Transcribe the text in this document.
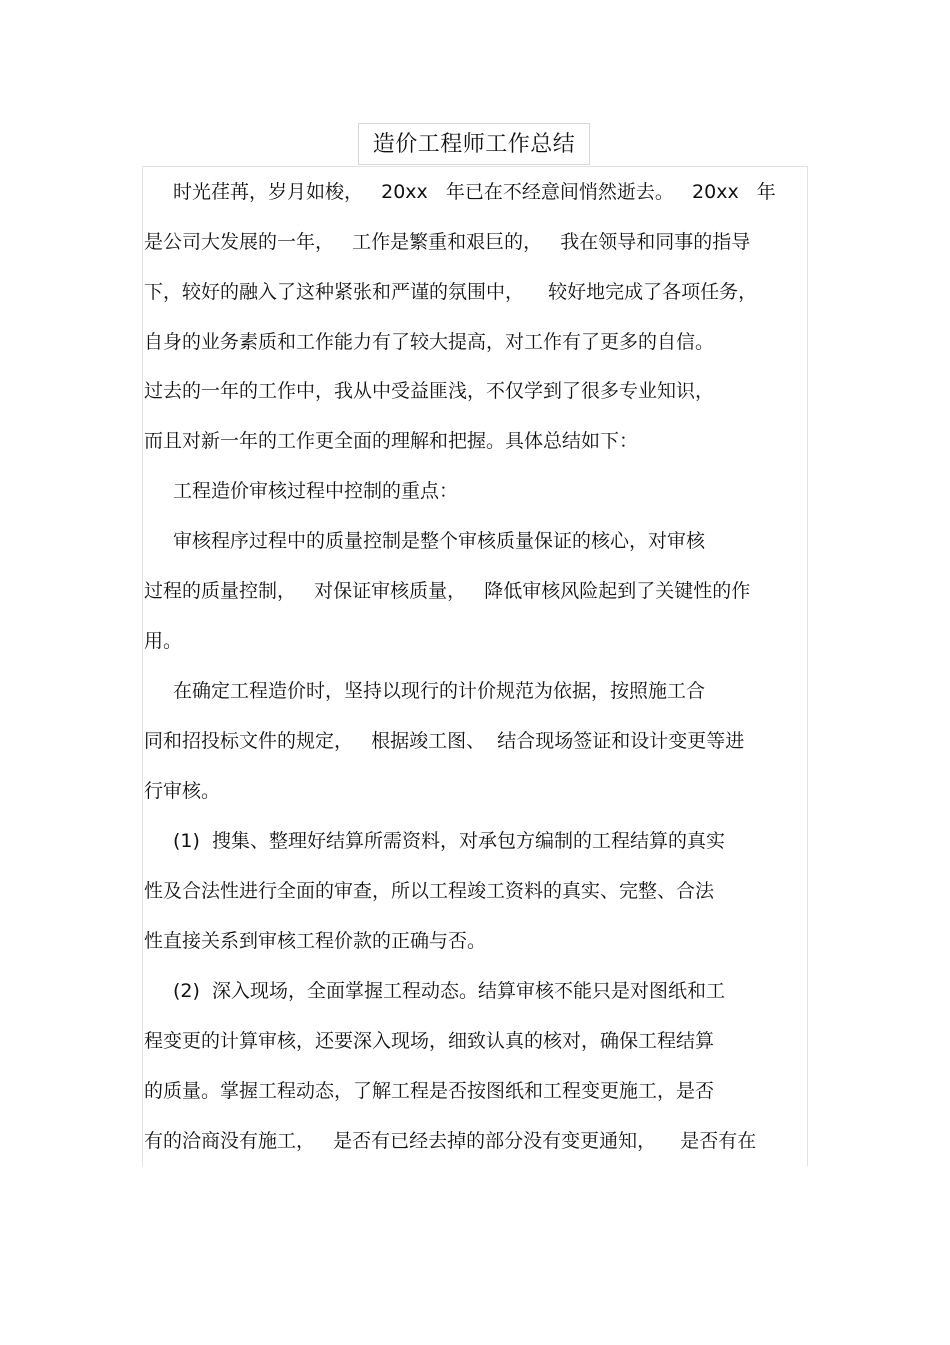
造价工程师工作总结

时光荏苒，岁月如梭，   20xx   年已在不经意间悄然逝去。   20xx   年

是公司大发展的一年，   工作是繁重和艰巨的，   我在领导和同事的指导

下，较好的融入了这种紧张和严谨的氛围中，    较好地完成了各项任务，

自身的业务素质和工作能力有了较大提高，对工作有了更多的自信。

过去的一年的工作中，我从中受益匪浅，不仅学到了很多专业知识，

而且对新一年的工作更全面的理解和把握。具体总结如下：

工程造价审核过程中控制的重点：

审核程序过程中的质量控制是整个审核质量保证的核心，对审核

过程的质量控制，   对保证审核质量，   降低审核风险起到了关键性的作

用。

在确定工程造价时，坚持以现行的计价规范为依据，按照施工合

同和招投标文件的规定，   根据竣工图、  结合现场签证和设计变更等进

行审核。

(1)  搜集、整理好结算所需资料，对承包方编制的工程结算的真实

性及合法性进行全面的审查，所以工程竣工资料的真实、完整、合法

性直接关系到审核工程价款的正确与否。

(2)  深入现场，全面掌握工程动态。结算审核不能只是对图纸和工

程变更的计算审核，还要深入现场，细致认真的核对，确保工程结算

的质量。掌握工程动态，了解工程是否按图纸和工程变更施工，是否

有的洽商没有施工，   是否有已经去掉的部分没有变更通知，    是否有在
